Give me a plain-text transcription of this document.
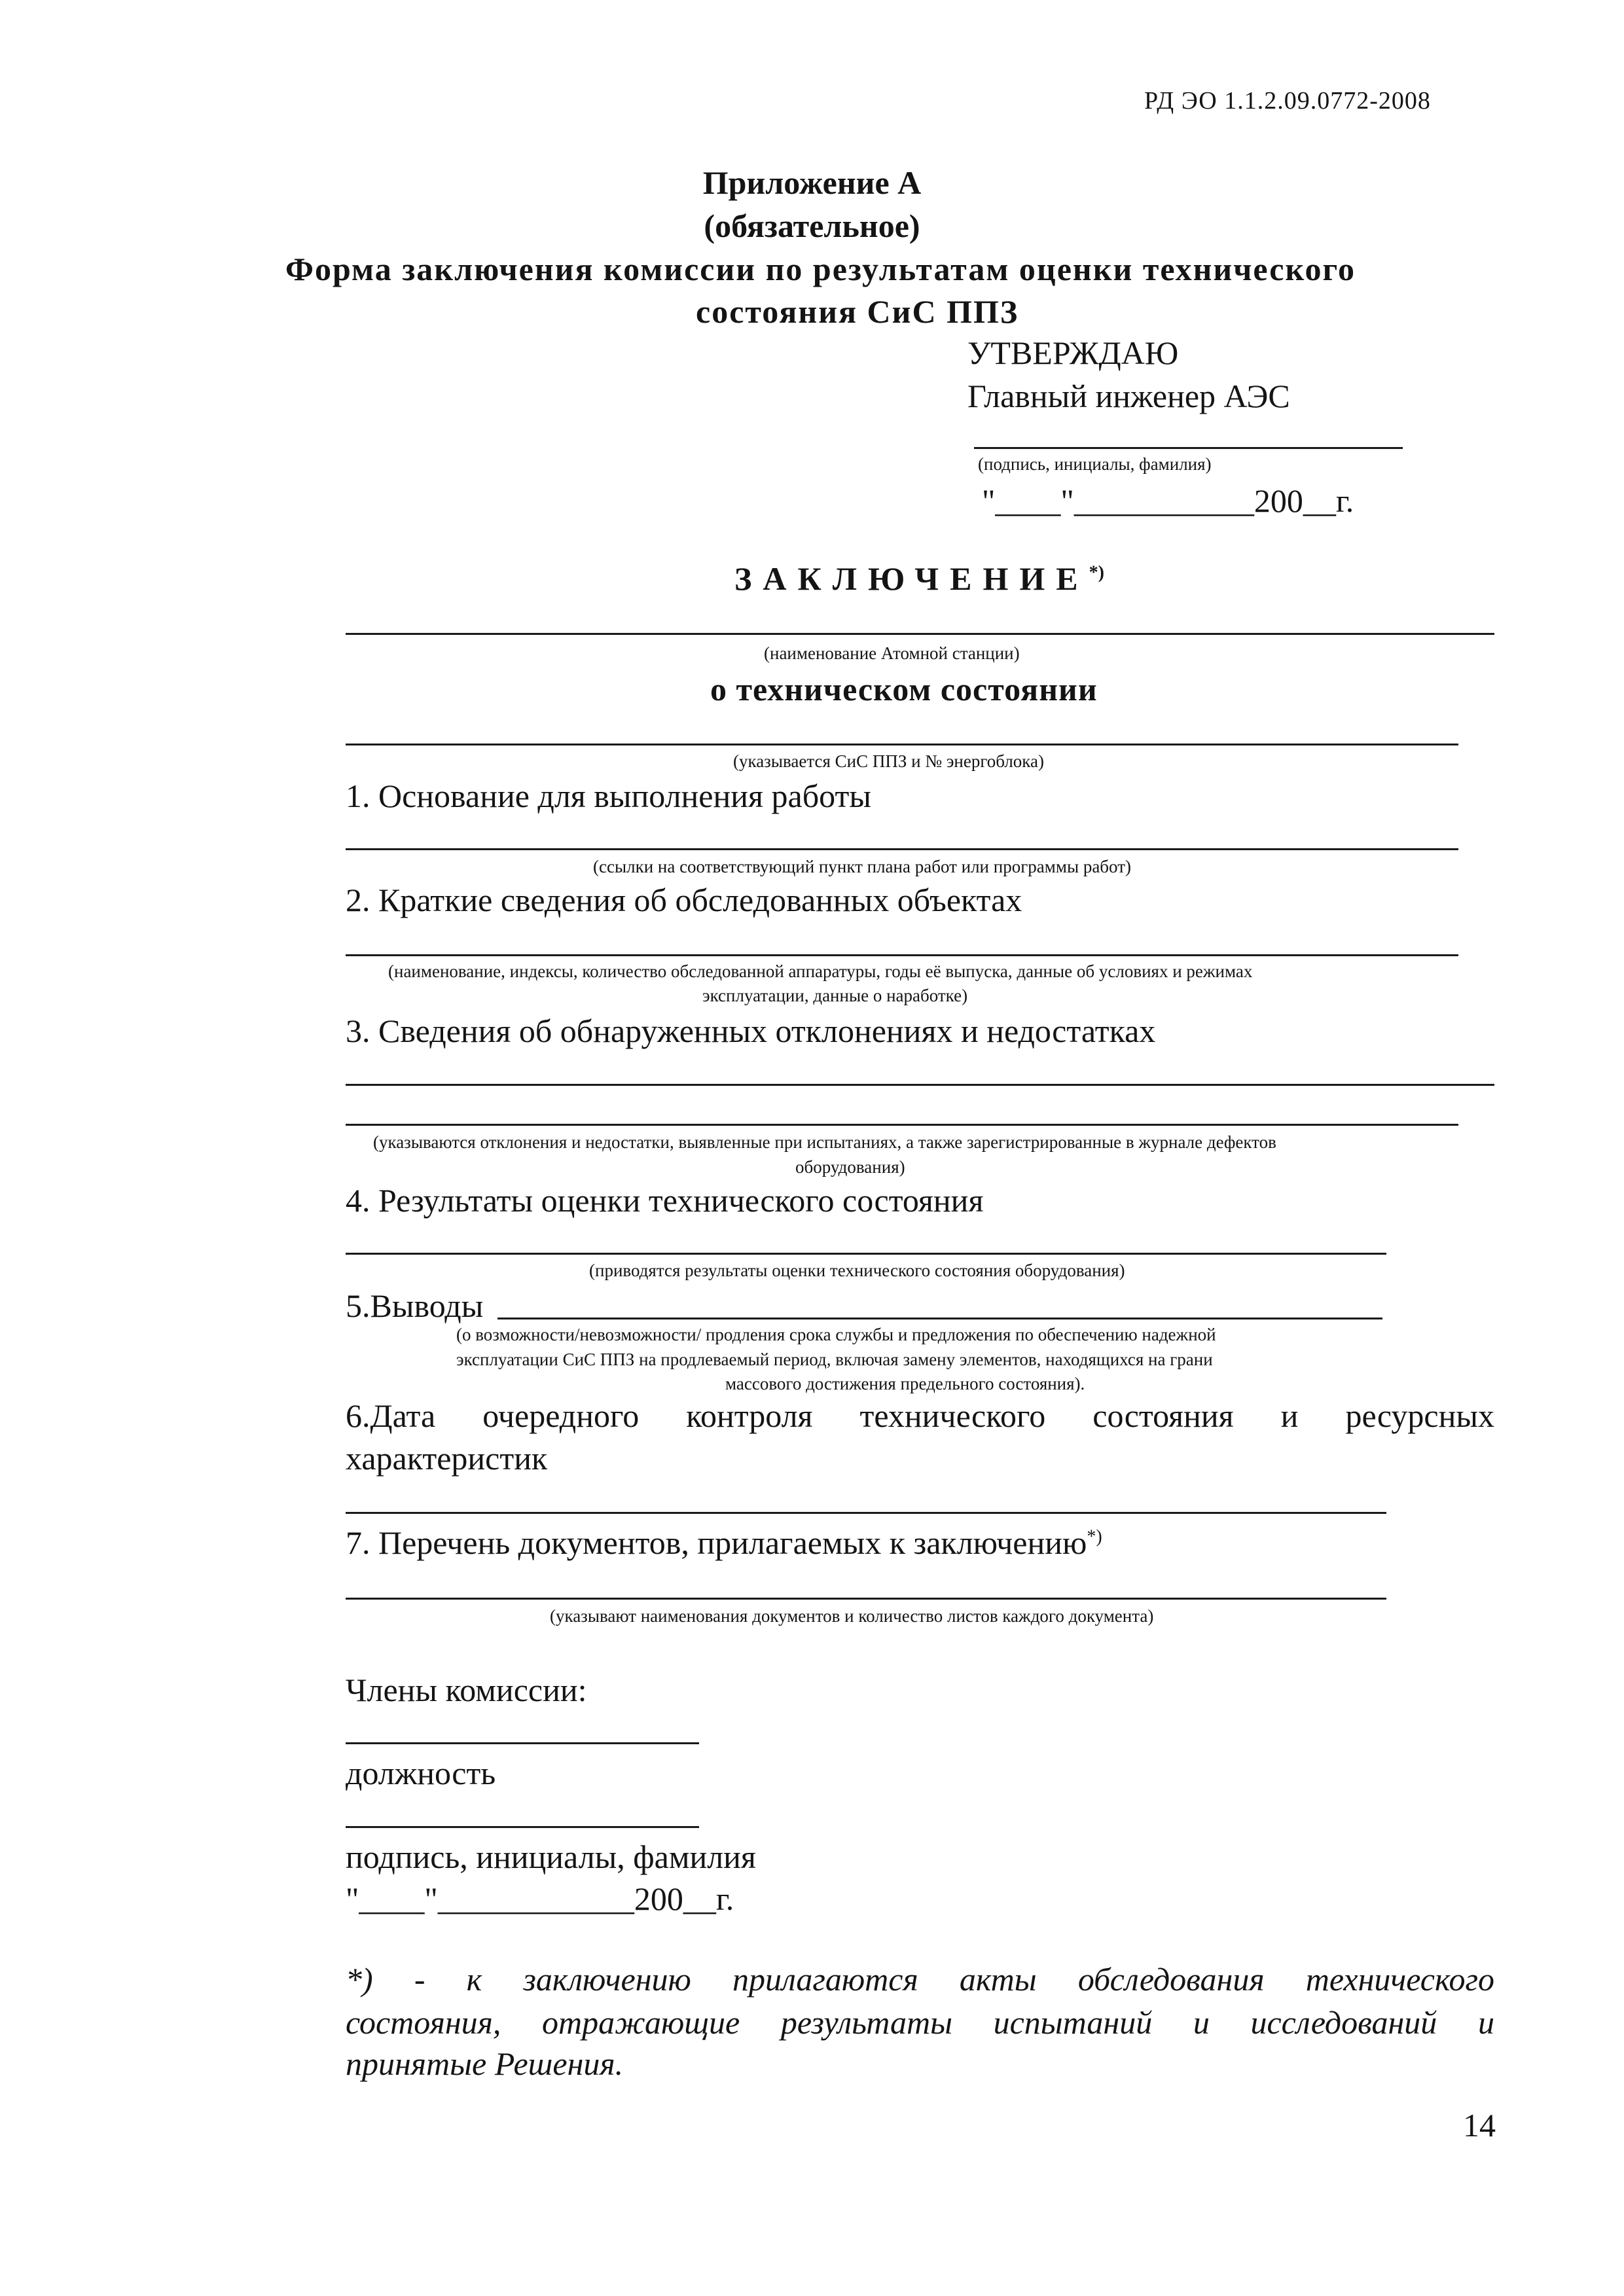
РД ЭО 1.1.2.09.0772-2008
Приложение А
(обязательное)
Форма заключения комиссии по результатам оценки технического
состояния СиС ППЗ
УТВЕРЖДАЮ
Главный инженер АЭС
(подпись, инициалы, фамилия)
"____"___________200__г.
ЗАКЛЮЧЕНИЕ*)
(наименование Атомной станции)
о техническом состоянии
(указывается СиС ППЗ и № энергоблока)
1. Основание для выполнения работы
(ссылки на соответствующий пункт плана работ или программы работ)
2. Краткие сведения об обследованных объектах
(наименование, индексы, количество обследованной аппаратуры, годы её выпуска, данные об условиях и режимах
эксплуатации, данные о наработке)
3. Сведения об обнаруженных отклонениях и недостатках
(указываются отклонения и недостатки, выявленные при испытаниях, а также зарегистрированные в журнале дефектов
оборудования)
4. Результаты оценки технического состояния
(приводятся результаты оценки технического состояния оборудования)
5.Выводы
(о возможности/невозможности/ продления срока службы и предложения по обеспечению надежной
эксплуатации СиС ППЗ на продлеваемый период, включая замену элементов, находящихся на грани
массового достижения предельного состояния).
6.Дата очередного контроля технического состояния и ресурсных
характеристик
7. Перечень документов, прилагаемых к заключению*)
(указывают наименования документов и количество листов каждого документа)
Члены комиссии:
должность
подпись, инициалы, фамилия
"____"____________200__г.
*) - к заключению прилагаются акты обследования технического
состояния, отражающие результаты испытаний и исследований и
принятые Решения.
14
